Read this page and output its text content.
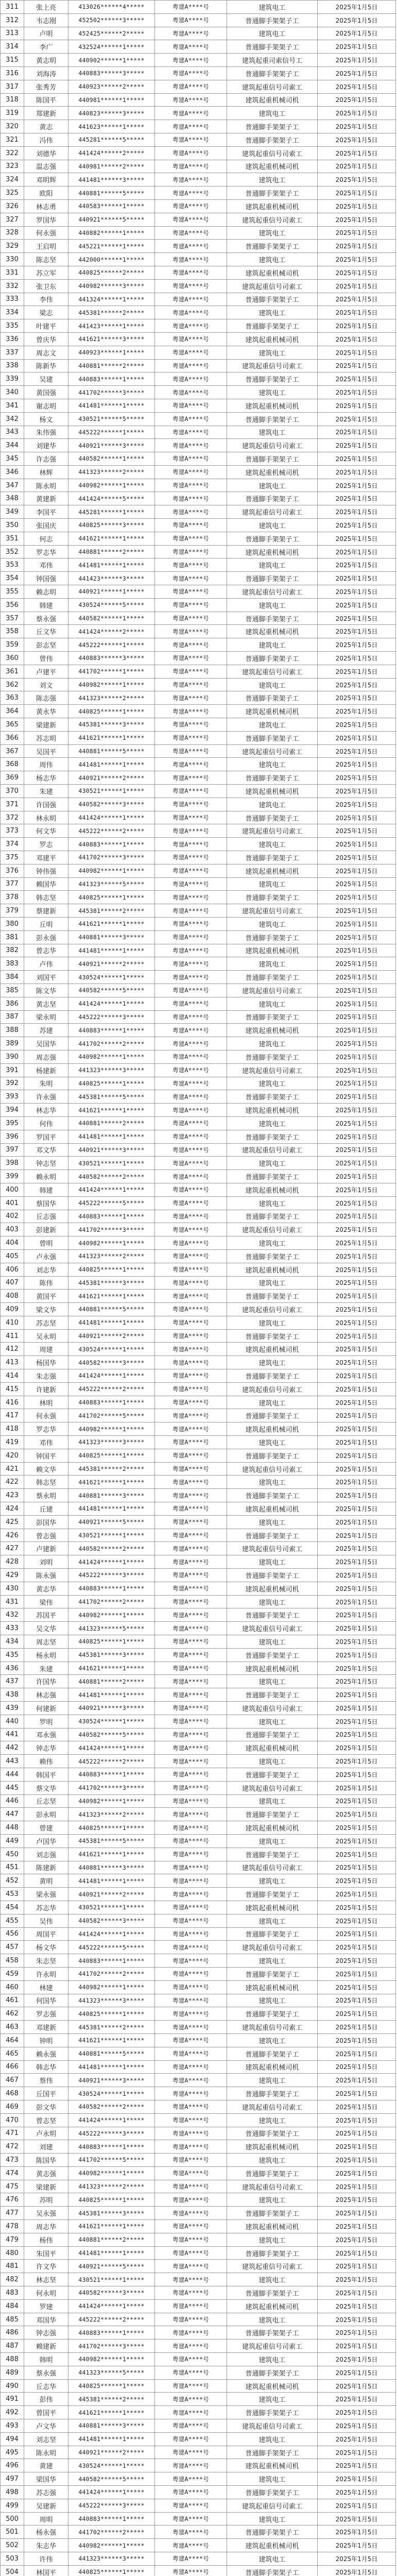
311	张上亮	413026******4*****	粤建A****号	建筑电工	2025年1月5日
312	韦志刚	452502******3*****	粤建A****号	普通脚手架架子工	2025年1月5日
313	卢明	452425******2*****	粤建A****号	建筑电工	2025年1月5日
314	李广	432524******1*****	粤建A****号	普通脚手架架子工	2025年1月5日
315	黄志明	440902******1*****	粤建A****号	建筑起重司索信号工	2025年1月5日
316	刘海涛	440883******3*****	粤建A****号	普通脚手架架子工	2025年1月5日
317	张秀芳	440923******2*****	粤建A****号	建筑起重信号司索工	2025年1月5日
318	陈国平	440981******1*****	粤建A****号	建筑起重机械司机	2025年1月5日
319	郑建新	440823******3*****	粤建A****号	建筑电工	2025年1月5日
320	黄志	441623******1*****	粤建A****号	普通脚手架架子工	2025年1月5日
321	冯伟	445281******5*****	粤建A****号	普通脚手架架子工	2025年1月5日
322	刘德华	441424******2*****	粤建A****号	建筑起重信号司索工	2025年1月5日
323	温志强	440981******2*****	粤建A****号	建筑起重机械司机	2025年1月5日
324	邓明辉	441481******3*****	粤建A****号	建筑电工	2025年1月5日
325	欧阳	440881******5*****	粤建A****号	普通脚手架架子工	2025年1月5日
326	林志勇	440583******1*****	粤建A****号	建筑起重机械司机	2025年1月5日
327	罗国华	440921******5*****	粤建A****号	建筑起重信号司索工	2025年1月5日
328	何永强	440882******1*****	粤建A****号	建筑电工	2025年1月5日
329	王启明	445221******1*****	粤建A****号	普通脚手架架子工	2025年1月5日
330	陈志坚	442000******1*****	粤建A****号	建筑电工	2025年1月5日
331	苏立军	440825******2*****	粤建A****号	建筑起重机械司机	2025年1月5日
332	张卫东	440982******3*****	粤建A****号	建筑起重信号司索工	2025年1月5日
333	李伟	441324******1*****	粤建A****号	普通脚手架架子工	2025年1月5日
334	梁志	445381******2*****	粤建A****号	建筑电工	2025年1月5日
335	叶建平	441423******1*****	粤建A****号	普通脚手架架子工	2025年1月5日
336	曾庆华	441621******3*****	粤建A****号	建筑起重机械司机	2025年1月5日
337	周志文	440923******1*****	粤建A****号	建筑电工	2025年1月5日
338	陈新华	440881******2*****	粤建A****号	建筑起重信号司索工	2025年1月5日
339	吴建	440883******1*****	粤建A****号	普通脚手架架子工	2025年1月5日
340	黄国强	441702******3*****	粤建A****号	建筑电工	2025年1月5日
341	谢志明	441481******1*****	粤建A****号	建筑起重机械司机	2025年1月5日
342	杨文	430521******5*****	粤建A****号	普通脚手架架子工	2025年1月5日
343	朱伟强	445222******1*****	粤建A****号	建筑电工	2025年1月5日
344	刘建华	440921******3*****	粤建A****号	建筑起重信号司索工	2025年1月5日
345	许志强	440582******1*****	粤建A****号	普通脚手架架子工	2025年1月5日
346	林辉	441323******2*****	粤建A****号	建筑起重机械司机	2025年1月5日
347	陈永明	440982******1*****	粤建A****号	建筑电工	2025年1月5日
348	黄建新	441424******5*****	粤建A****号	普通脚手架架子工	2025年1月5日
349	李国平	445281******1*****	粤建A****号	建筑起重信号司索工	2025年1月5日
350	张国庆	440825******3*****	粤建A****号	建筑电工	2025年1月5日
351	何志	441621******1*****	粤建A****号	普通脚手架架子工	2025年1月5日
352	罗志华	440881******2*****	粤建A****号	建筑起重机械司机	2025年1月5日
353	邓伟	441481******1*****	粤建A****号	建筑电工	2025年1月5日
354	钟国强	441423******3*****	粤建A****号	普通脚手架架子工	2025年1月5日
355	赖志明	440921******1*****	粤建A****号	建筑起重信号司索工	2025年1月5日
356	韩建	430524******5*****	粤建A****号	建筑电工	2025年1月5日
357	蔡永强	440582******1*****	粤建A****号	普通脚手架架子工	2025年1月5日
358	丘文华	441424******2*****	粤建A****号	建筑起重机械司机	2025年1月5日
359	彭志坚	445222******1*****	粤建A****号	建筑电工	2025年1月5日
360	曾伟	440883******3*****	粤建A****号	普通脚手架架子工	2025年1月5日
361	卢建平	441702******1*****	粤建A****号	建筑起重信号司索工	2025年1月5日
362	刘文	440982******1*****	粤建A****号	建筑电工	2025年1月5日
363	陈志强	441323******2*****	粤建A****号	普通脚手架架子工	2025年1月5日
364	黄永华	440825******1*****	粤建A****号	建筑起重机械司机	2025年1月5日
365	梁建新	445381******3*****	粤建A****号	建筑电工	2025年1月5日
366	苏志明	441621******1*****	粤建A****号	普通脚手架架子工	2025年1月5日
367	吴国平	440881******5*****	粤建A****号	建筑起重信号司索工	2025年1月5日
368	周伟	441481******1*****	粤建A****号	建筑电工	2025年1月5日
369	杨志华	440921******2*****	粤建A****号	普通脚手架架子工	2025年1月5日
370	朱建	430521******1*****	粤建A****号	建筑起重机械司机	2025年1月5日
371	许国强	440582******3*****	粤建A****号	建筑电工	2025年1月5日
372	林永明	441424******1*****	粤建A****号	普通脚手架架子工	2025年1月5日
373	何文华	445222******2*****	粤建A****号	建筑起重信号司索工	2025年1月5日
374	罗志	440883******1*****	粤建A****号	建筑电工	2025年1月5日
375	邓建平	441702******3*****	粤建A****号	普通脚手架架子工	2025年1月5日
376	钟伟强	440982******1*****	粤建A****号	建筑起重机械司机	2025年1月5日
377	赖国华	441323******5*****	粤建A****号	建筑电工	2025年1月5日
378	韩志坚	440825******1*****	粤建A****号	普通脚手架架子工	2025年1月5日
379	蔡建新	445381******2*****	粤建A****号	建筑起重信号司索工	2025年1月5日
380	丘明	441621******1*****	粤建A****号	建筑电工	2025年1月5日
381	彭永强	440881******3*****	粤建A****号	普通脚手架架子工	2025年1月5日
382	曾志华	441481******1*****	粤建A****号	建筑起重机械司机	2025年1月5日
383	卢伟	440921******2*****	粤建A****号	建筑电工	2025年1月5日
384	刘国平	430524******1*****	粤建A****号	普通脚手架架子工	2025年1月5日
385	陈文华	440582******5*****	粤建A****号	建筑起重信号司索工	2025年1月5日
386	黄志坚	441424******1*****	粤建A****号	建筑电工	2025年1月5日
387	梁永明	445222******3*****	粤建A****号	普通脚手架架子工	2025年1月5日
388	苏建	440883******1*****	粤建A****号	建筑起重机械司机	2025年1月5日
389	吴国华	441702******2*****	粤建A****号	建筑电工	2025年1月5日
390	周志强	440982******1*****	粤建A****号	普通脚手架架子工	2025年1月5日
391	杨建新	441323******3*****	粤建A****号	建筑起重信号司索工	2025年1月5日
392	朱明	440825******1*****	粤建A****号	建筑电工	2025年1月5日
393	许永强	445381******5*****	粤建A****号	普通脚手架架子工	2025年1月5日
394	林志华	441621******1*****	粤建A****号	建筑起重机械司机	2025年1月5日
395	何伟	440881******2*****	粤建A****号	建筑电工	2025年1月5日
396	罗国平	441481******1*****	粤建A****号	普通脚手架架子工	2025年1月5日
397	邓文华	440921******3*****	粤建A****号	建筑起重信号司索工	2025年1月5日
398	钟志坚	430521******1*****	粤建A****号	建筑电工	2025年1月5日
399	赖永明	440582******2*****	粤建A****号	普通脚手架架子工	2025年1月5日
400	韩建	441424******1*****	粤建A****号	建筑起重机械司机	2025年1月5日
401	蔡国华	445222******5*****	粤建A****号	建筑电工	2025年1月5日
402	丘志强	440883******1*****	粤建A****号	普通脚手架架子工	2025年1月5日
403	彭建新	441702******3*****	粤建A****号	建筑起重信号司索工	2025年1月5日
404	曾明	440982******1*****	粤建A****号	建筑电工	2025年1月5日
405	卢永强	441323******2*****	粤建A****号	普通脚手架架子工	2025年1月5日
406	刘志华	440825******1*****	粤建A****号	建筑起重机械司机	2025年1月5日
407	陈伟	445381******3*****	粤建A****号	建筑电工	2025年1月5日
408	黄国平	441621******1*****	粤建A****号	普通脚手架架子工	2025年1月5日
409	梁文华	440881******5*****	粤建A****号	建筑起重信号司索工	2025年1月5日
410	苏志坚	441481******1*****	粤建A****号	建筑电工	2025年1月5日
411	吴永明	440921******2*****	粤建A****号	普通脚手架架子工	2025年1月5日
412	周建	430524******1*****	粤建A****号	建筑起重机械司机	2025年1月5日
413	杨国华	440582******3*****	粤建A****号	建筑电工	2025年1月5日
414	朱志强	441424******1*****	粤建A****号	普通脚手架架子工	2025年1月5日
415	许建新	445222******2*****	粤建A****号	建筑起重信号司索工	2025年1月5日
416	林明	440883******1*****	粤建A****号	建筑电工	2025年1月5日
417	何永强	441702******5*****	粤建A****号	普通脚手架架子工	2025年1月5日
418	罗志华	440982******1*****	粤建A****号	建筑起重机械司机	2025年1月5日
419	邓伟	441323******3*****	粤建A****号	建筑电工	2025年1月5日
420	钟国平	440825******1*****	粤建A****号	普通脚手架架子工	2025年1月5日
421	赖文华	445381******2*****	粤建A****号	建筑起重信号司索工	2025年1月5日
422	韩志坚	441621******1*****	粤建A****号	建筑电工	2025年1月5日
423	蔡永明	440881******3*****	粤建A****号	普通脚手架架子工	2025年1月5日
424	丘建	441481******1*****	粤建A****号	建筑起重机械司机	2025年1月5日
425	彭国华	440921******5*****	粤建A****号	建筑电工	2025年1月5日
426	曾志强	430521******1*****	粤建A****号	普通脚手架架子工	2025年1月5日
427	卢建新	440582******2*****	粤建A****号	建筑起重信号司索工	2025年1月5日
428	刘明	441424******1*****	粤建A****号	建筑电工	2025年1月5日
429	陈永强	445222******3*****	粤建A****号	普通脚手架架子工	2025年1月5日
430	黄志华	440883******1*****	粤建A****号	建筑起重机械司机	2025年1月5日
431	梁伟	441702******2*****	粤建A****号	建筑电工	2025年1月5日
432	苏国平	440982******1*****	粤建A****号	普通脚手架架子工	2025年1月5日
433	吴文华	441323******5*****	粤建A****号	建筑起重信号司索工	2025年1月5日
434	周志坚	440825******1*****	粤建A****号	建筑电工	2025年1月5日
435	杨永明	445381******3*****	粤建A****号	普通脚手架架子工	2025年1月5日
436	朱建	441621******1*****	粤建A****号	建筑起重机械司机	2025年1月5日
437	许国华	440881******2*****	粤建A****号	建筑电工	2025年1月5日
438	林志强	441481******1*****	粤建A****号	普通脚手架架子工	2025年1月5日
439	何建新	440921******3*****	粤建A****号	建筑起重信号司索工	2025年1月5日
440	罗明	430524******1*****	粤建A****号	建筑电工	2025年1月5日
441	邓永强	440582******5*****	粤建A****号	普通脚手架架子工	2025年1月5日
442	钟志华	441424******1*****	粤建A****号	建筑起重机械司机	2025年1月5日
443	赖伟	445222******2*****	粤建A****号	建筑电工	2025年1月5日
444	韩国平	440883******1*****	粤建A****号	普通脚手架架子工	2025年1月5日
445	蔡文华	441702******3*****	粤建A****号	建筑起重信号司索工	2025年1月5日
446	丘志坚	440982******1*****	粤建A****号	建筑电工	2025年1月5日
447	彭永明	441323******2*****	粤建A****号	普通脚手架架子工	2025年1月5日
448	曾建	440825******1*****	粤建A****号	建筑起重机械司机	2025年1月5日
449	卢国华	445381******5*****	粤建A****号	建筑电工	2025年1月5日
450	刘志强	441621******1*****	粤建A****号	普通脚手架架子工	2025年1月5日
451	陈建新	440881******3*****	粤建A****号	建筑起重信号司索工	2025年1月5日
452	黄明	441481******1*****	粤建A****号	建筑电工	2025年1月5日
453	梁永强	440921******2*****	粤建A****号	普通脚手架架子工	2025年1月5日
454	苏志华	430521******1*****	粤建A****号	建筑起重机械司机	2025年1月5日
455	吴伟	440582******3*****	粤建A****号	建筑电工	2025年1月5日
456	周国平	441424******1*****	粤建A****号	普通脚手架架子工	2025年1月5日
457	杨文华	445222******5*****	粤建A****号	建筑起重信号司索工	2025年1月5日
458	朱志坚	440883******1*****	粤建A****号	建筑电工	2025年1月5日
459	许永明	441702******2*****	粤建A****号	普通脚手架架子工	2025年1月5日
460	林建	440982******1*****	粤建A****号	建筑起重机械司机	2025年1月5日
461	何国华	441323******3*****	粤建A****号	建筑电工	2025年1月5日
462	罗志强	440825******1*****	粤建A****号	普通脚手架架子工	2025年1月5日
463	邓建新	445381******2*****	粤建A****号	建筑起重信号司索工	2025年1月5日
464	钟明	441621******1*****	粤建A****号	建筑电工	2025年1月5日
465	赖永强	440881******5*****	粤建A****号	普通脚手架架子工	2025年1月5日
466	韩志华	441481******1*****	粤建A****号	建筑起重机械司机	2025年1月5日
467	蔡伟	440921******3*****	粤建A****号	建筑电工	2025年1月5日
468	丘国平	430524******1*****	粤建A****号	普通脚手架架子工	2025年1月5日
469	彭文华	440582******2*****	粤建A****号	建筑起重信号司索工	2025年1月5日
470	曾志坚	441424******1*****	粤建A****号	建筑电工	2025年1月5日
471	卢永明	445222******3*****	粤建A****号	普通脚手架架子工	2025年1月5日
472	刘建	440883******1*****	粤建A****号	建筑起重机械司机	2025年1月5日
473	陈国华	441702******5*****	粤建A****号	建筑电工	2025年1月5日
474	黄志强	440982******1*****	粤建A****号	普通脚手架架子工	2025年1月5日
475	梁建新	441323******2*****	粤建A****号	建筑起重信号司索工	2025年1月5日
476	苏明	440825******1*****	粤建A****号	建筑电工	2025年1月5日
477	吴永强	445381******3*****	粤建A****号	普通脚手架架子工	2025年1月5日
478	周志华	441621******1*****	粤建A****号	建筑起重机械司机	2025年1月5日
479	杨伟	440881******2*****	粤建A****号	建筑电工	2025年1月5日
480	朱国平	441481******1*****	粤建A****号	普通脚手架架子工	2025年1月5日
481	许文华	440921******5*****	粤建A****号	建筑起重信号司索工	2025年1月5日
482	林志坚	430521******1*****	粤建A****号	建筑电工	2025年1月5日
483	何永明	440582******3*****	粤建A****号	普通脚手架架子工	2025年1月5日
484	罗建	441424******1*****	粤建A****号	建筑起重机械司机	2025年1月5日
485	邓国华	445222******2*****	粤建A****号	建筑电工	2025年1月5日
486	钟志强	440883******1*****	粤建A****号	普通脚手架架子工	2025年1月5日
487	赖建新	441702******3*****	粤建A****号	建筑起重信号司索工	2025年1月5日
488	韩明	440982******1*****	粤建A****号	建筑电工	2025年1月5日
489	蔡永强	441323******5*****	粤建A****号	普通脚手架架子工	2025年1月5日
490	丘志华	440825******1*****	粤建A****号	建筑起重机械司机	2025年1月5日
491	彭伟	445381******2*****	粤建A****号	建筑电工	2025年1月5日
492	曾国平	441621******1*****	粤建A****号	普通脚手架架子工	2025年1月5日
493	卢文华	440881******3*****	粤建A****号	建筑起重信号司索工	2025年1月5日
494	刘志坚	441481******1*****	粤建A****号	建筑电工	2025年1月5日
495	陈永明	440921******2*****	粤建A****号	普通脚手架架子工	2025年1月5日
496	黄建	430524******1*****	粤建A****号	建筑起重机械司机	2025年1月5日
497	梁国华	440582******5*****	粤建A****号	建筑电工	2025年1月5日
498	苏志强	441424******1*****	粤建A****号	普通脚手架架子工	2025年1月5日
499	吴建新	445222******3*****	粤建A****号	建筑起重信号司索工	2025年1月5日
500	周明	440883******1*****	粤建A****号	建筑电工	2025年1月5日
501	杨永强	441702******2*****	粤建A****号	普通脚手架架子工	2025年1月5日
502	朱志华	440982******1*****	粤建A****号	建筑起重机械司机	2025年1月5日
503	许伟	441323******3*****	粤建A****号	建筑电工	2025年1月5日
504	林国平	440825******1*****	粤建A****号	普通脚手架架子工	2025年1月5日
